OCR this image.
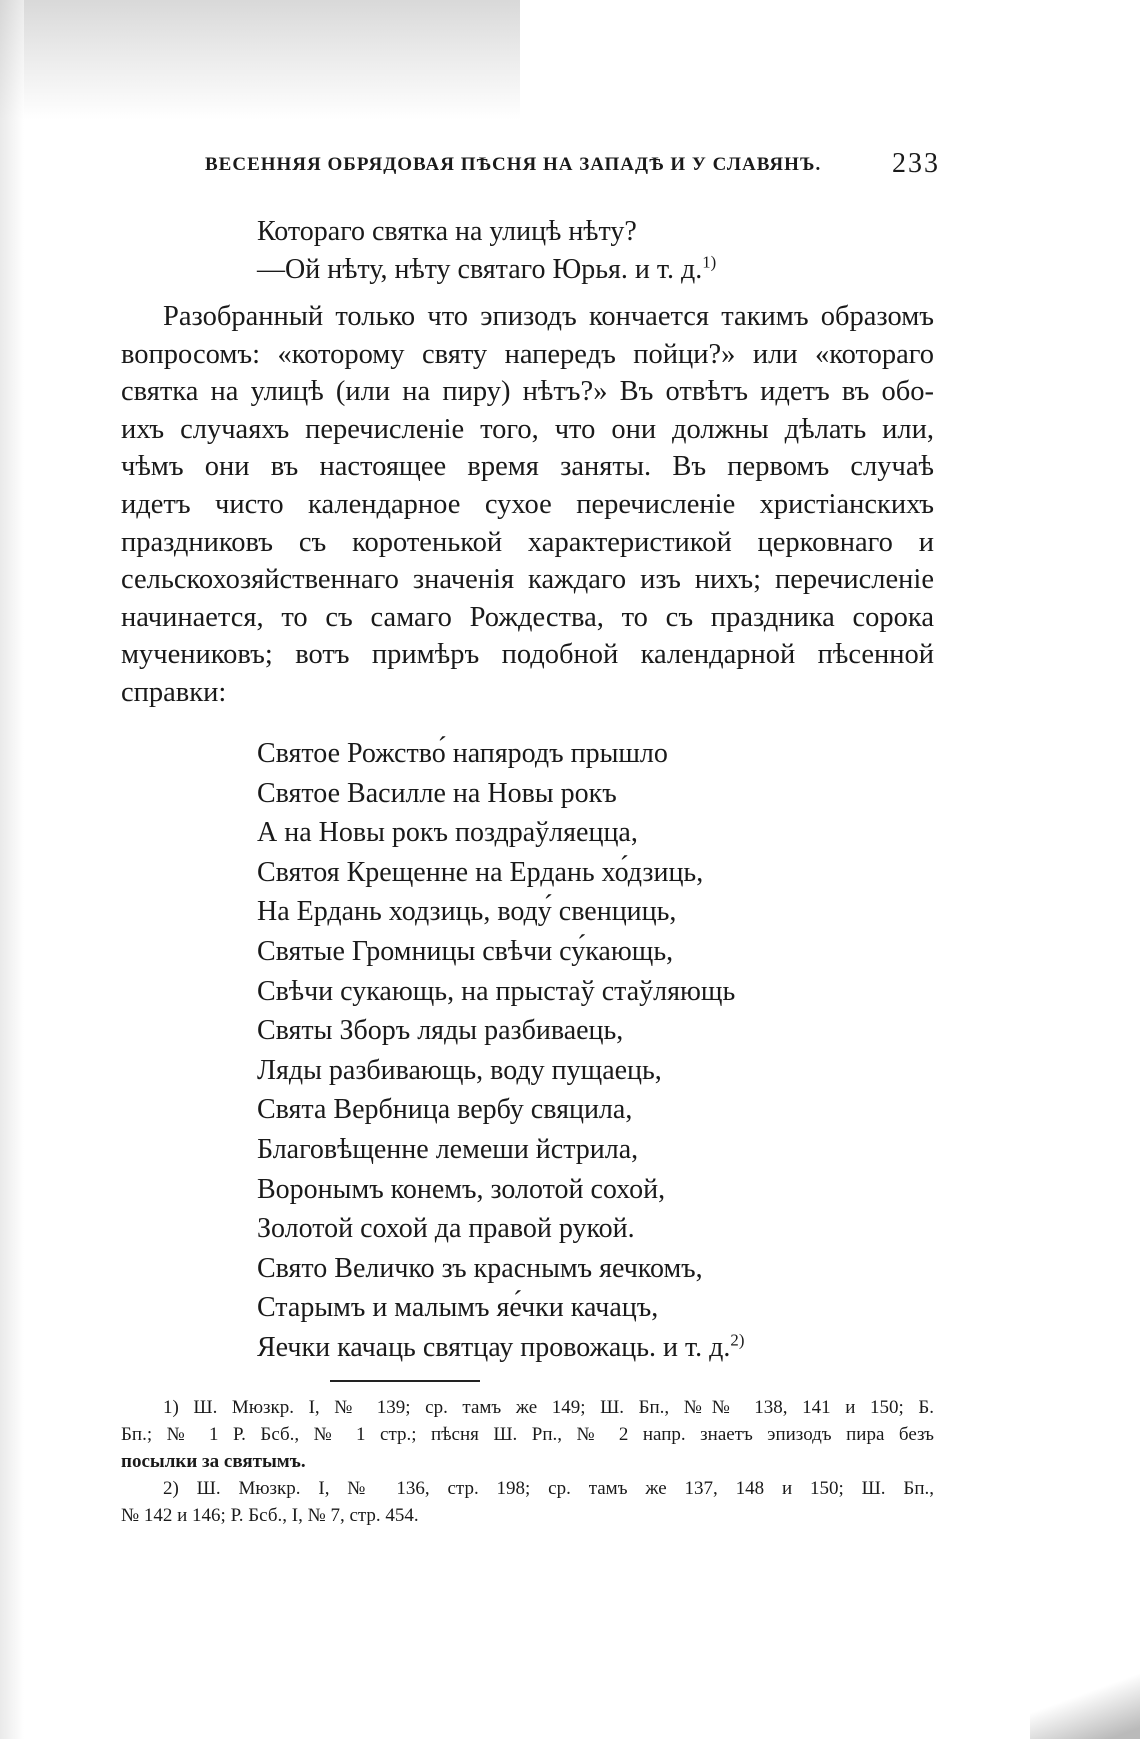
ВЕСЕННЯЯ ОБРЯДОВАЯ ПѢСНЯ НА ЗАПАДѢ И У СЛАВЯНЪ.	233
Котораго святка на улицѣ нѣту?
—Ой нѣту, нѣту святаго Юрья. и т. д.$^{1)}$
Разобранный только что эпизодъ кончается такимъ образомъ
вопросомъ: «которому святу напередъ пойци?» или «котораго
святка на улицѣ (или на пиру) нѣтъ?» Въ отвѣтъ идетъ въ обо-
ихъ случаяхъ перечисленіе того, что они должны дѣлать или,
чѣмъ они въ настоящее время заняты. Въ первомъ случаѣ
идетъ чисто календарное сухое перечисленіе христіанскихъ
праздниковъ съ коротенькой характеристикой церковнаго и
сельскохозяйственнаго значенія каждаго изъ нихъ; перечисленіе
начинается, то съ самаго Рождества, то съ праздника сорока
мучениковъ; вотъ примѣръ подобной календарной пѣсенной
справки:
Святое Рожство́ напяродъ прышло
Святое Василле на Новы рокъ
А на Новы рокъ поздраўляецца,
Святоя Крещенне на Ердань хо́дзиць,
На Ердань ходзиць, воду́ свенциць,
Святые Громницы свѣчи су́кающь,
Свѣчи сукающь, на прыстаў стаўляющь
Святы Зборъ ляды разбиваець,
Ляды разбивающь, воду пущаець,
Свята Вербница вербу свяцила,
Благовѣщенне лемеши йстрила,
Воронымъ конемъ, золотой сохой,
Золотой сохой да правой рукой.
Свято Величко зъ краснымъ яечкомъ,
Старымъ и малымъ яе́чки качацъ,
Яечки качаць святцау провожаць. и т. д.$^{2)}$
1) Ш. Мюзкр. I, № 139; ср. тамъ же 149; Ш. Бп., №№ 138, 141 и 150; Б.
Бп.; № 1 Р. Бсб., № 1 стр.; пѣсня Ш. Рп., № 2 напр. знаетъ эпизодъ пира безъ
посылки за святымъ.
2) Ш. Мюзкр. I, № 136, стр. 198; ср. тамъ же 137, 148 и 150; Ш. Бп.,
№ 142 и 146; Р. Бсб., I, № 7, стр. 454.
